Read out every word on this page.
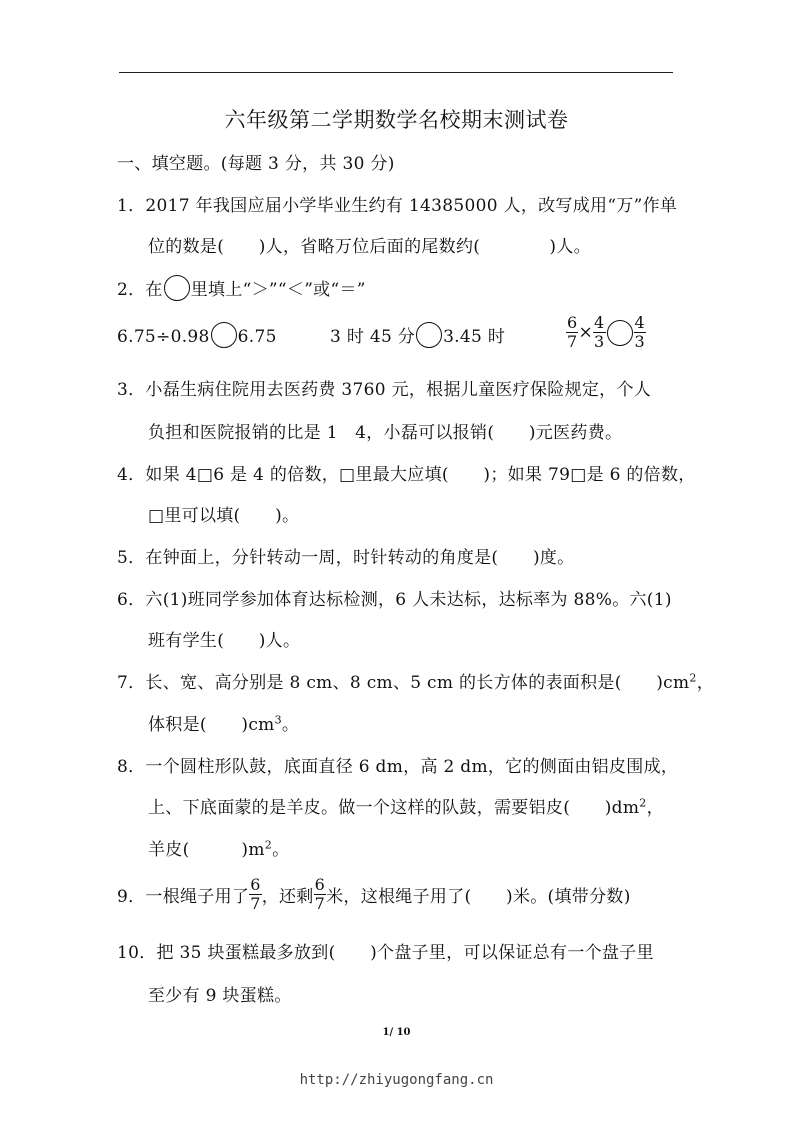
六年级第二学期数学名校期末测试卷
一、填空题。(每题 3 分，共 30 分)
1．2017 年我国应届小学毕业生约有 14385000 人，改写成用“万”作单
位的数是(　　)人，省略万位后面的尾数约(　　　　)人。
2．在 里填上“＞”“＜”或“＝”
6.75÷0.98 6.75	3 时 45 分 3.45 时	$\frac{6}{7} \times \frac{4}{3} \frac{4}{3}$
3．小磊生病住院用去医药费 3760 元，根据儿童医疗保险规定，个人
负担和医院报销的比是 1　4，小磊可以报销(　　)元医药费。
4．如果 4□6 是 4 的倍数，□里最大应填(　　)；如果 79□是 6 的倍数，
□里可以填(　　)。
5．在钟面上，分针转动一周，时针转动的角度是(　　)度。
6．六(1)班同学参加体育达标检测，6 人未达标，达标率为 88%。六(1)
班有学生(　　)人。
7．长、宽、高分别是 8 cm、8 cm、5 cm 的长方体的表面积是(　　)$cm^2$，
体积是(　　)$cm^3$。
8．一个圆柱形队鼓，底面直径 6 dm，高 2 dm，它的侧面由铝皮围成，
上、下底面蒙的是羊皮。做一个这样的队鼓，需要铝皮(　　)$dm^2$，
羊皮(　　　)$m^2$。
9．一根绳子用了 $\frac{6}{7}$ ，还剩 $\frac{6}{7}$ 米，这根绳子用了(　　)米。(填带分数)
10．把 35 块蛋糕最多放到(　　)个盘子里，可以保证总有一个盘子里
至少有 9 块蛋糕。
1/ 10
http://zhiyugongfang.cn
